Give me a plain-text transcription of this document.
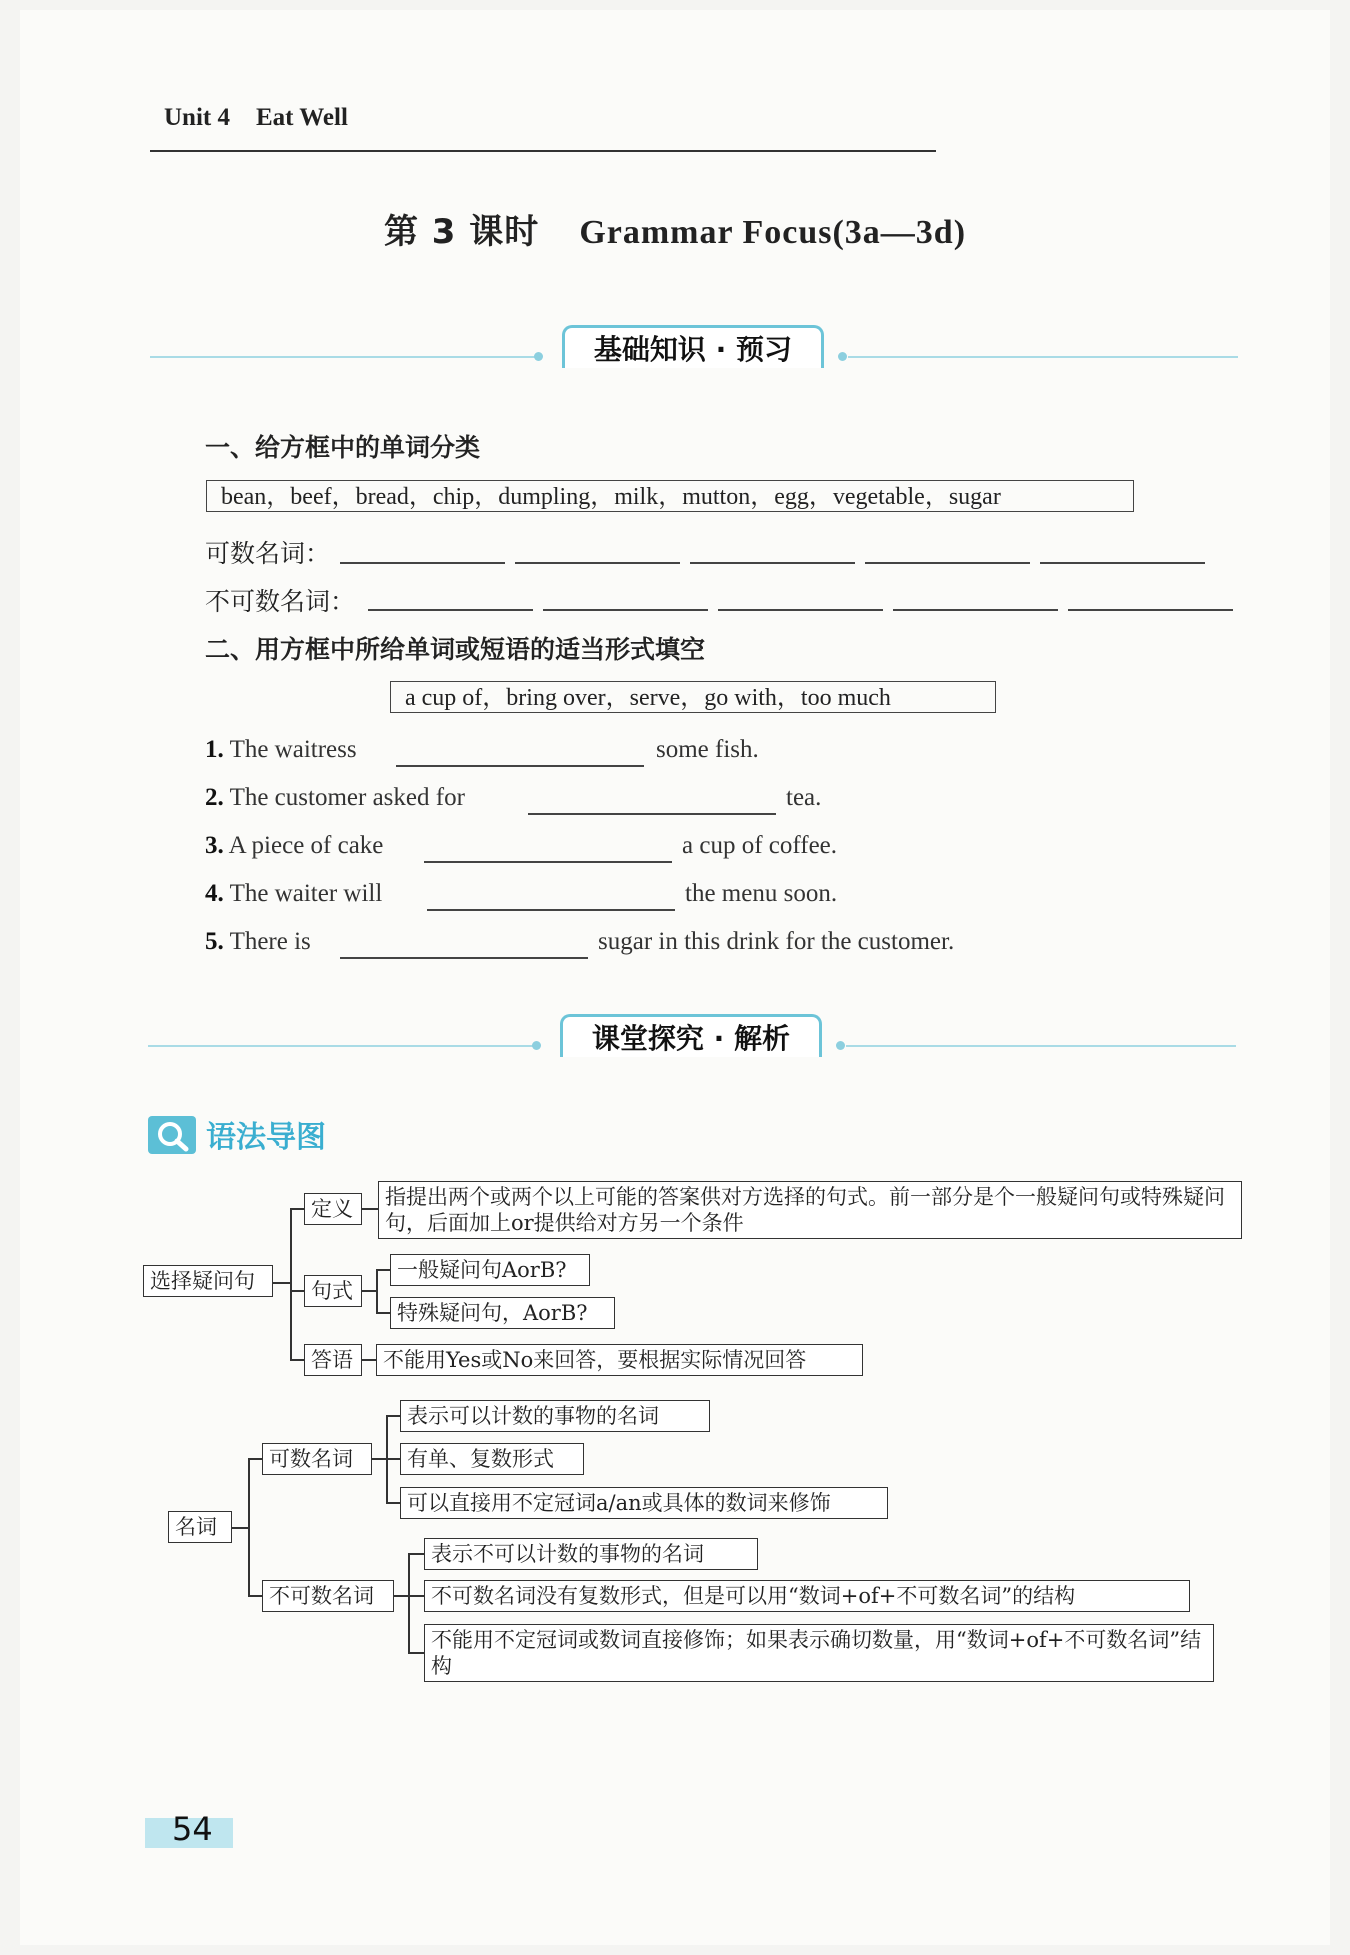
Unit 4 Eat Well
第 3 课时 Grammar Focus(3a—3d)
基础知识 · 预习
一、给方框中的单词分类
bean，beef，bread，chip，dumpling，milk，mutton，egg，vegetable，sugar
可数名词：
不可数名词：
二、用方框中所给单词或短语的适当形式填空
a cup of，bring over，serve，go with，too much
1. The waitress	some fish.
2. The customer asked for	tea.
3. A piece of cake	a cup of coffee.
4. The waiter will	the menu soon.
5. There is	sugar in this drink for the customer.
课堂探究 · 解析
语法导图
选择疑问句
定义	指提出两个或两个以上可能的答案供对方选择的句式。前一部分是个一般疑问句或特殊疑问句，后面加上or提供给对方另一个条件
句式
一般疑问句AorB?
特殊疑问句，AorB?
答语	不能用Yes或No来回答，要根据实际情况回答
名词
可数名词
表示可以计数的事物的名词
有单、复数形式
可以直接用不定冠词a/an或具体的数词来修饰
不可数名词
表示不可以计数的事物的名词
不可数名词没有复数形式，但是可以用“数词+of+不可数名词”的结构
不能用不定冠词或数词直接修饰；如果表示确切数量，用“数词+of+不可数名词”结构
54
